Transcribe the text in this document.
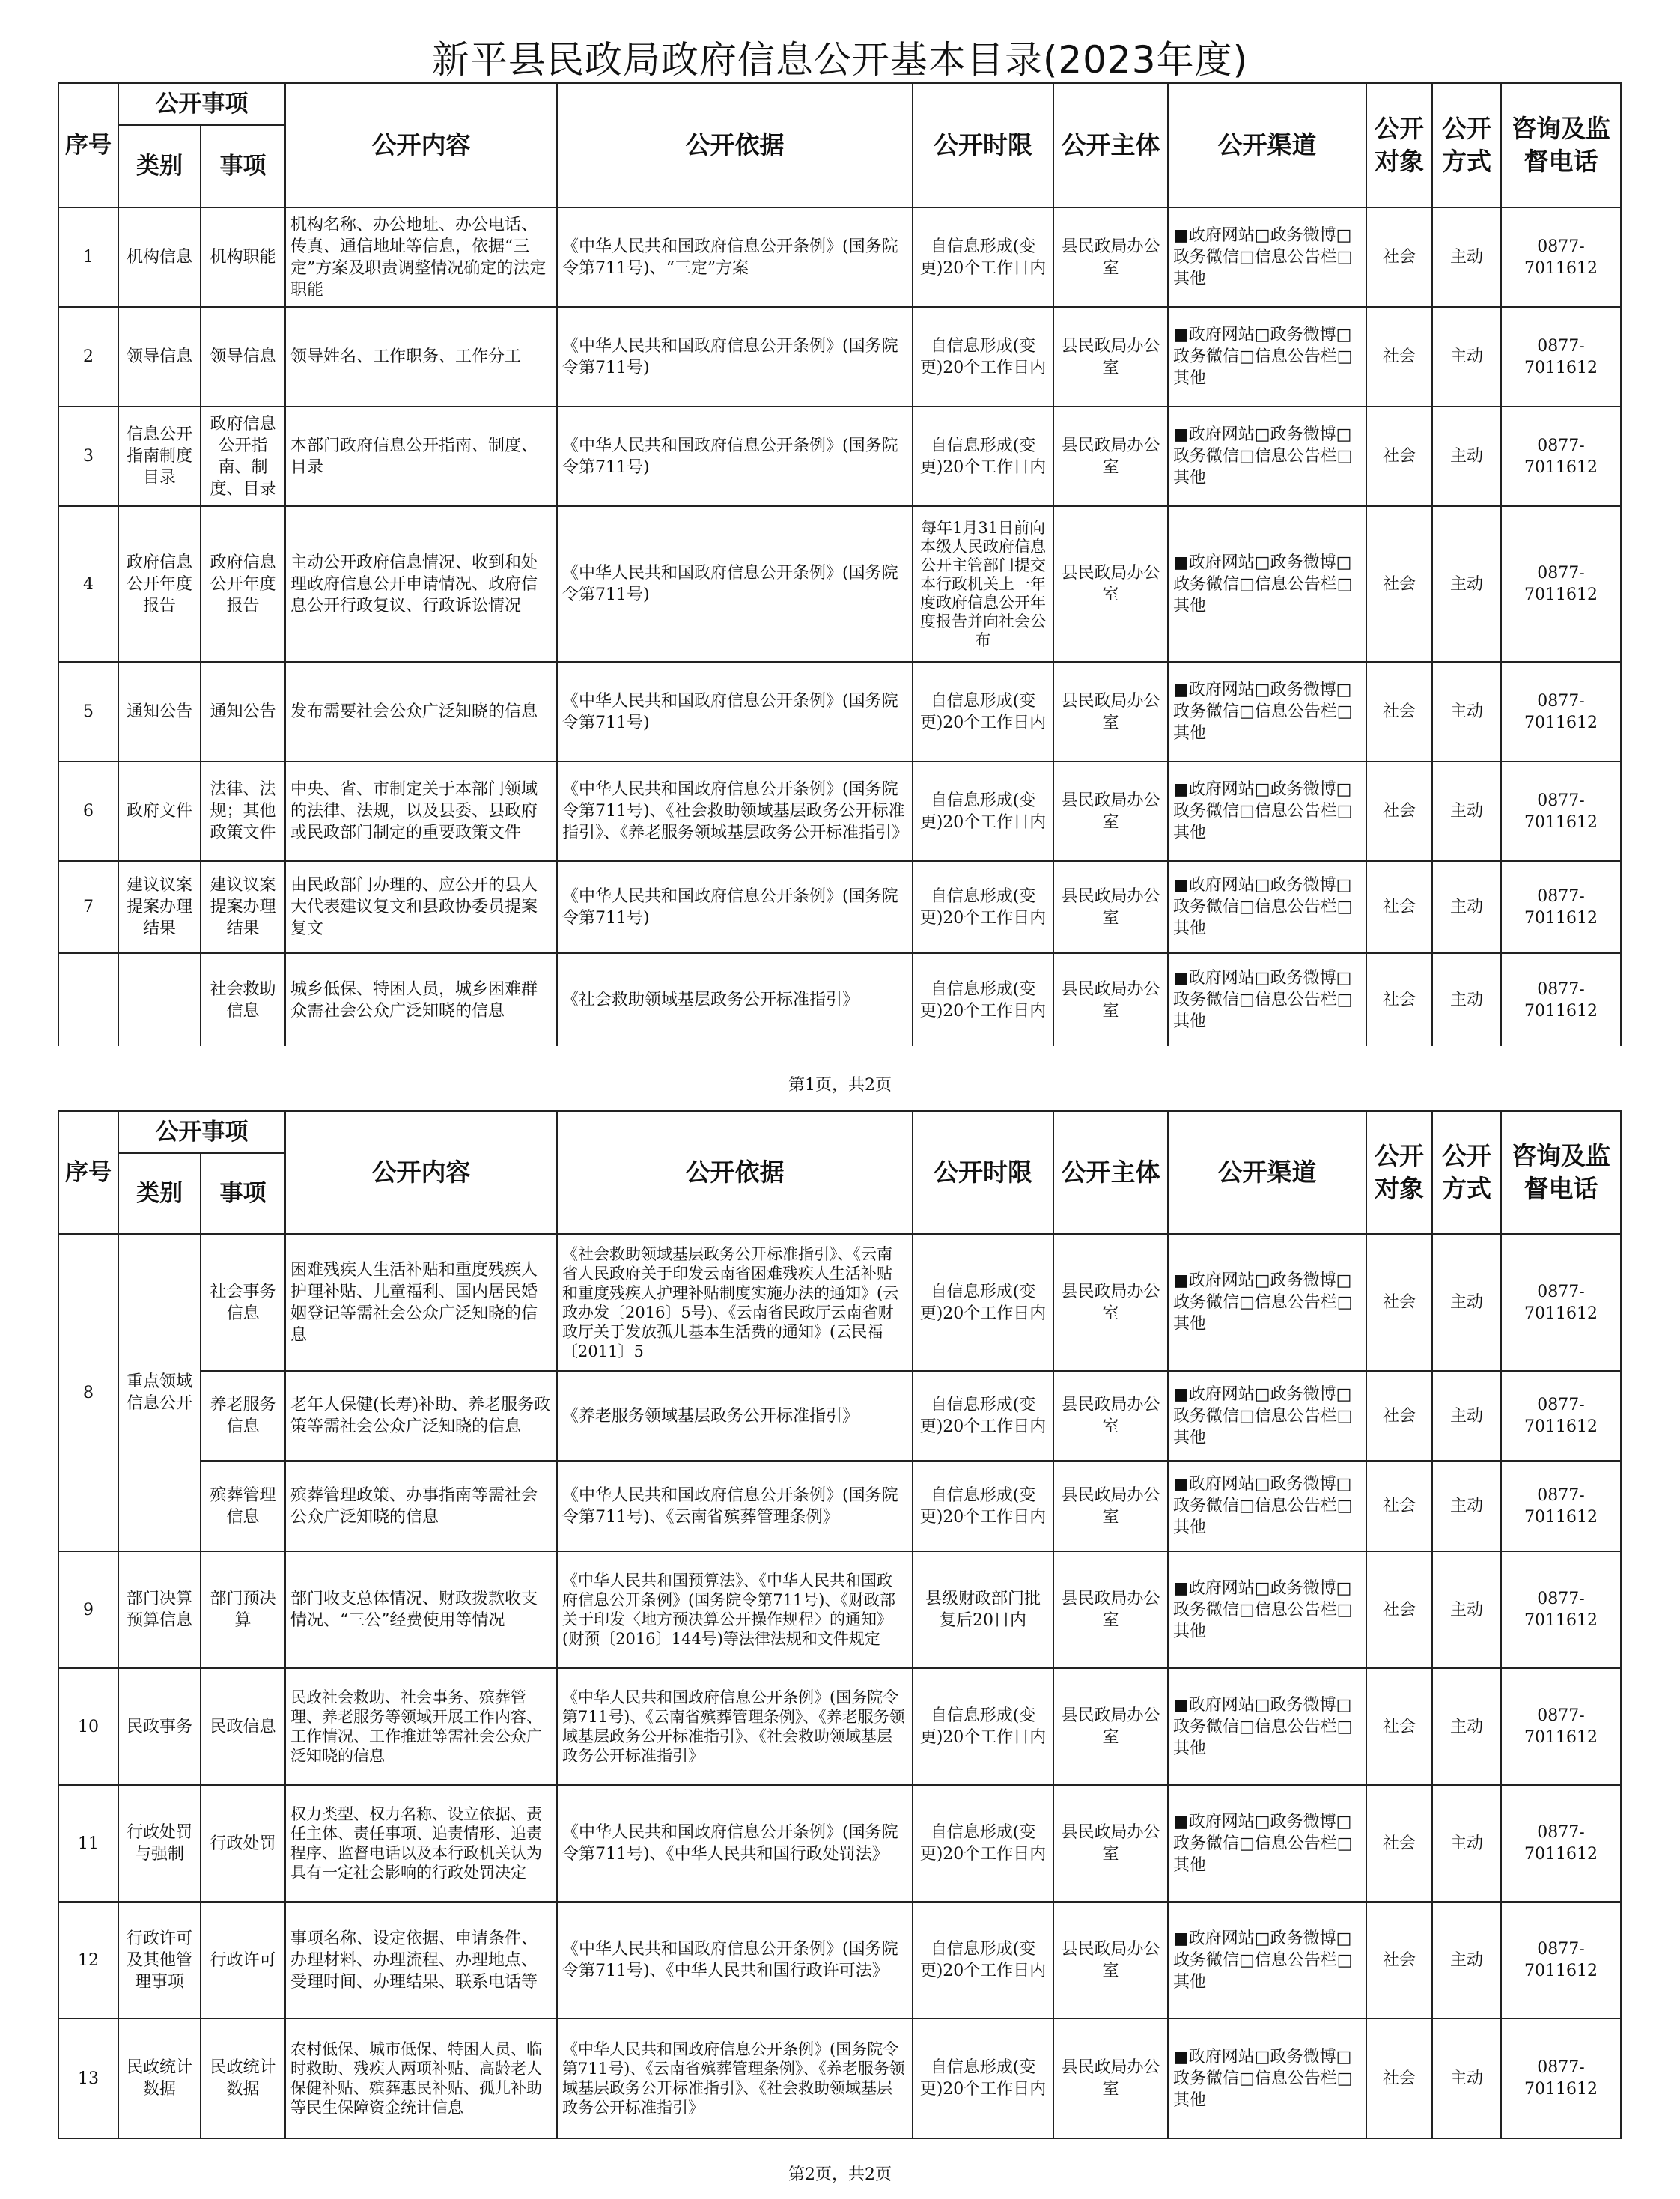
新平县民政局政府信息公开基本目录(2023年度)
序号	公开事项		公开内容	公开依据	公开时限	公开主体	公开渠道	公开对象	公开方式	咨询及监督电话
	类别	事项								
1	机构信息	机构职能	机构名称、办公地址、办公电话、传真、通信地址等信息，依据“三定”方案及职责调整情况确定的法定职能	《中华人民共和国政府信息公开条例》(国务院令第711号)、“三定”方案	自信息形成(变更)20个工作日内	县民政局办公室	■政府网站□政务微博□政务微信□信息公告栏□其他	社会	主动	0877-7011612
2	领导信息	领导信息	领导姓名、工作职务、工作分工	《中华人民共和国政府信息公开条例》(国务院令第711号)	自信息形成(变更)20个工作日内	县民政局办公室	■政府网站□政务微博□政务微信□信息公告栏□其他	社会	主动	0877-7011612
3	信息公开指南制度目录	政府信息公开指南、制度、目录	本部门政府信息公开指南、制度、目录	《中华人民共和国政府信息公开条例》(国务院令第711号)	自信息形成(变更)20个工作日内	县民政局办公室	■政府网站□政务微博□政务微信□信息公告栏□其他	社会	主动	0877-7011612
4	政府信息公开年度报告	政府信息公开年度报告	主动公开政府信息情况、收到和处理政府信息公开申请情况、政府信息公开行政复议、行政诉讼情况	《中华人民共和国政府信息公开条例》(国务院令第711号)	每年1月31日前向本级人民政府信息公开主管部门提交本行政机关上一年度政府信息公开年度报告并向社会公布	县民政局办公室	■政府网站□政务微博□政务微信□信息公告栏□其他	社会	主动	0877-7011612
5	通知公告	通知公告	发布需要社会公众广泛知晓的信息	《中华人民共和国政府信息公开条例》(国务院令第711号)	自信息形成(变更)20个工作日内	县民政局办公室	■政府网站□政务微博□政务微信□信息公告栏□其他	社会	主动	0877-7011612
6	政府文件	法律、法规；其他政策文件	中央、省、市制定关于本部门领域的法律、法规，以及县委、县政府或民政部门制定的重要政策文件	《中华人民共和国政府信息公开条例》(国务院令第711号)、《社会救助领域基层政务公开标准指引》、《养老服务领域基层政务公开标准指引》	自信息形成(变更)20个工作日内	县民政局办公室	■政府网站□政务微博□政务微信□信息公告栏□其他	社会	主动	0877-7011612
7	建议议案提案办理结果	建议议案提案办理结果	由民政部门办理的、应公开的县人大代表建议复文和县政协委员提案复文	《中华人民共和国政府信息公开条例》(国务院令第711号)	自信息形成(变更)20个工作日内	县民政局办公室	■政府网站□政务微博□政务微信□信息公告栏□其他	社会	主动	0877-7011612
		社会救助信息	城乡低保、特困人员，城乡困难群众需社会公众广泛知晓的信息	《社会救助领域基层政务公开标准指引》	自信息形成(变更)20个工作日内	县民政局办公室	■政府网站□政务微博□政务微信□信息公告栏□其他	社会	主动	0877-7011612
第1页，共2页
序号	公开事项		公开内容	公开依据	公开时限	公开主体	公开渠道	公开对象	公开方式	咨询及监督电话
	类别	事项								
8	重点领域信息公开	社会事务信息	困难残疾人生活补贴和重度残疾人护理补贴、儿童福利、国内居民婚姻登记等需社会公众广泛知晓的信息	《社会救助领域基层政务公开标准指引》、《云南省人民政府关于印发云南省困难残疾人生活补贴和重度残疾人护理补贴制度实施办法的通知》(云政办发〔2016〕5号)、《云南省民政厅云南省财政厅关于发放孤儿基本生活费的通知》(云民福〔2011〕5	自信息形成(变更)20个工作日内	县民政局办公室	■政府网站□政务微博□政务微信□信息公告栏□其他	社会	主动	0877-7011612
		养老服务信息	老年人保健(长寿)补助、养老服务政策等需社会公众广泛知晓的信息	《养老服务领域基层政务公开标准指引》	自信息形成(变更)20个工作日内	县民政局办公室	■政府网站□政务微博□政务微信□信息公告栏□其他	社会	主动	0877-7011612
		殡葬管理信息	殡葬管理政策、办事指南等需社会公众广泛知晓的信息	《中华人民共和国政府信息公开条例》(国务院令第711号)、《云南省殡葬管理条例》	自信息形成(变更)20个工作日内	县民政局办公室	■政府网站□政务微博□政务微信□信息公告栏□其他	社会	主动	0877-7011612
9	部门决算预算信息	部门预决算	部门收支总体情况、财政拨款收支情况、“三公”经费使用等情况	《中华人民共和国预算法》、《中华人民共和国政府信息公开条例》(国务院令第711号)、《财政部关于印发〈地方预决算公开操作规程〉的通知》(财预〔2016〕144号)等法律法规和文件规定	县级财政部门批复后20日内	县民政局办公室	■政府网站□政务微博□政务微信□信息公告栏□其他	社会	主动	0877-7011612
10	民政事务	民政信息	民政社会救助、社会事务、殡葬管理、养老服务等领域开展工作内容、工作情况、工作推进等需社会公众广泛知晓的信息	《中华人民共和国政府信息公开条例》(国务院令第711号)、《云南省殡葬管理条例》、《养老服务领域基层政务公开标准指引》、《社会救助领域基层政务公开标准指引》	自信息形成(变更)20个工作日内	县民政局办公室	■政府网站□政务微博□政务微信□信息公告栏□其他	社会	主动	0877-7011612
11	行政处罚与强制	行政处罚	权力类型、权力名称、设立依据、责任主体、责任事项、追责情形、追责程序、监督电话以及本行政机关认为具有一定社会影响的行政处罚决定	《中华人民共和国政府信息公开条例》(国务院令第711号)、《中华人民共和国行政处罚法》	自信息形成(变更)20个工作日内	县民政局办公室	■政府网站□政务微博□政务微信□信息公告栏□其他	社会	主动	0877-7011612
12	行政许可及其他管理事项	行政许可	事项名称、设定依据、申请条件、办理材料、办理流程、办理地点、受理时间、办理结果、联系电话等	《中华人民共和国政府信息公开条例》(国务院令第711号)、《中华人民共和国行政许可法》	自信息形成(变更)20个工作日内	县民政局办公室	■政府网站□政务微博□政务微信□信息公告栏□其他	社会	主动	0877-7011612
13	民政统计数据	民政统计数据	农村低保、城市低保、特困人员、临时救助、残疾人两项补贴、高龄老人保健补贴、殡葬惠民补贴、孤儿补助等民生保障资金统计信息	《中华人民共和国政府信息公开条例》(国务院令第711号)、《云南省殡葬管理条例》、《养老服务领域基层政务公开标准指引》、《社会救助领域基层政务公开标准指引》	自信息形成(变更)20个工作日内	县民政局办公室	■政府网站□政务微博□政务微信□信息公告栏□其他	社会	主动	0877-7011612
第2页，共2页
